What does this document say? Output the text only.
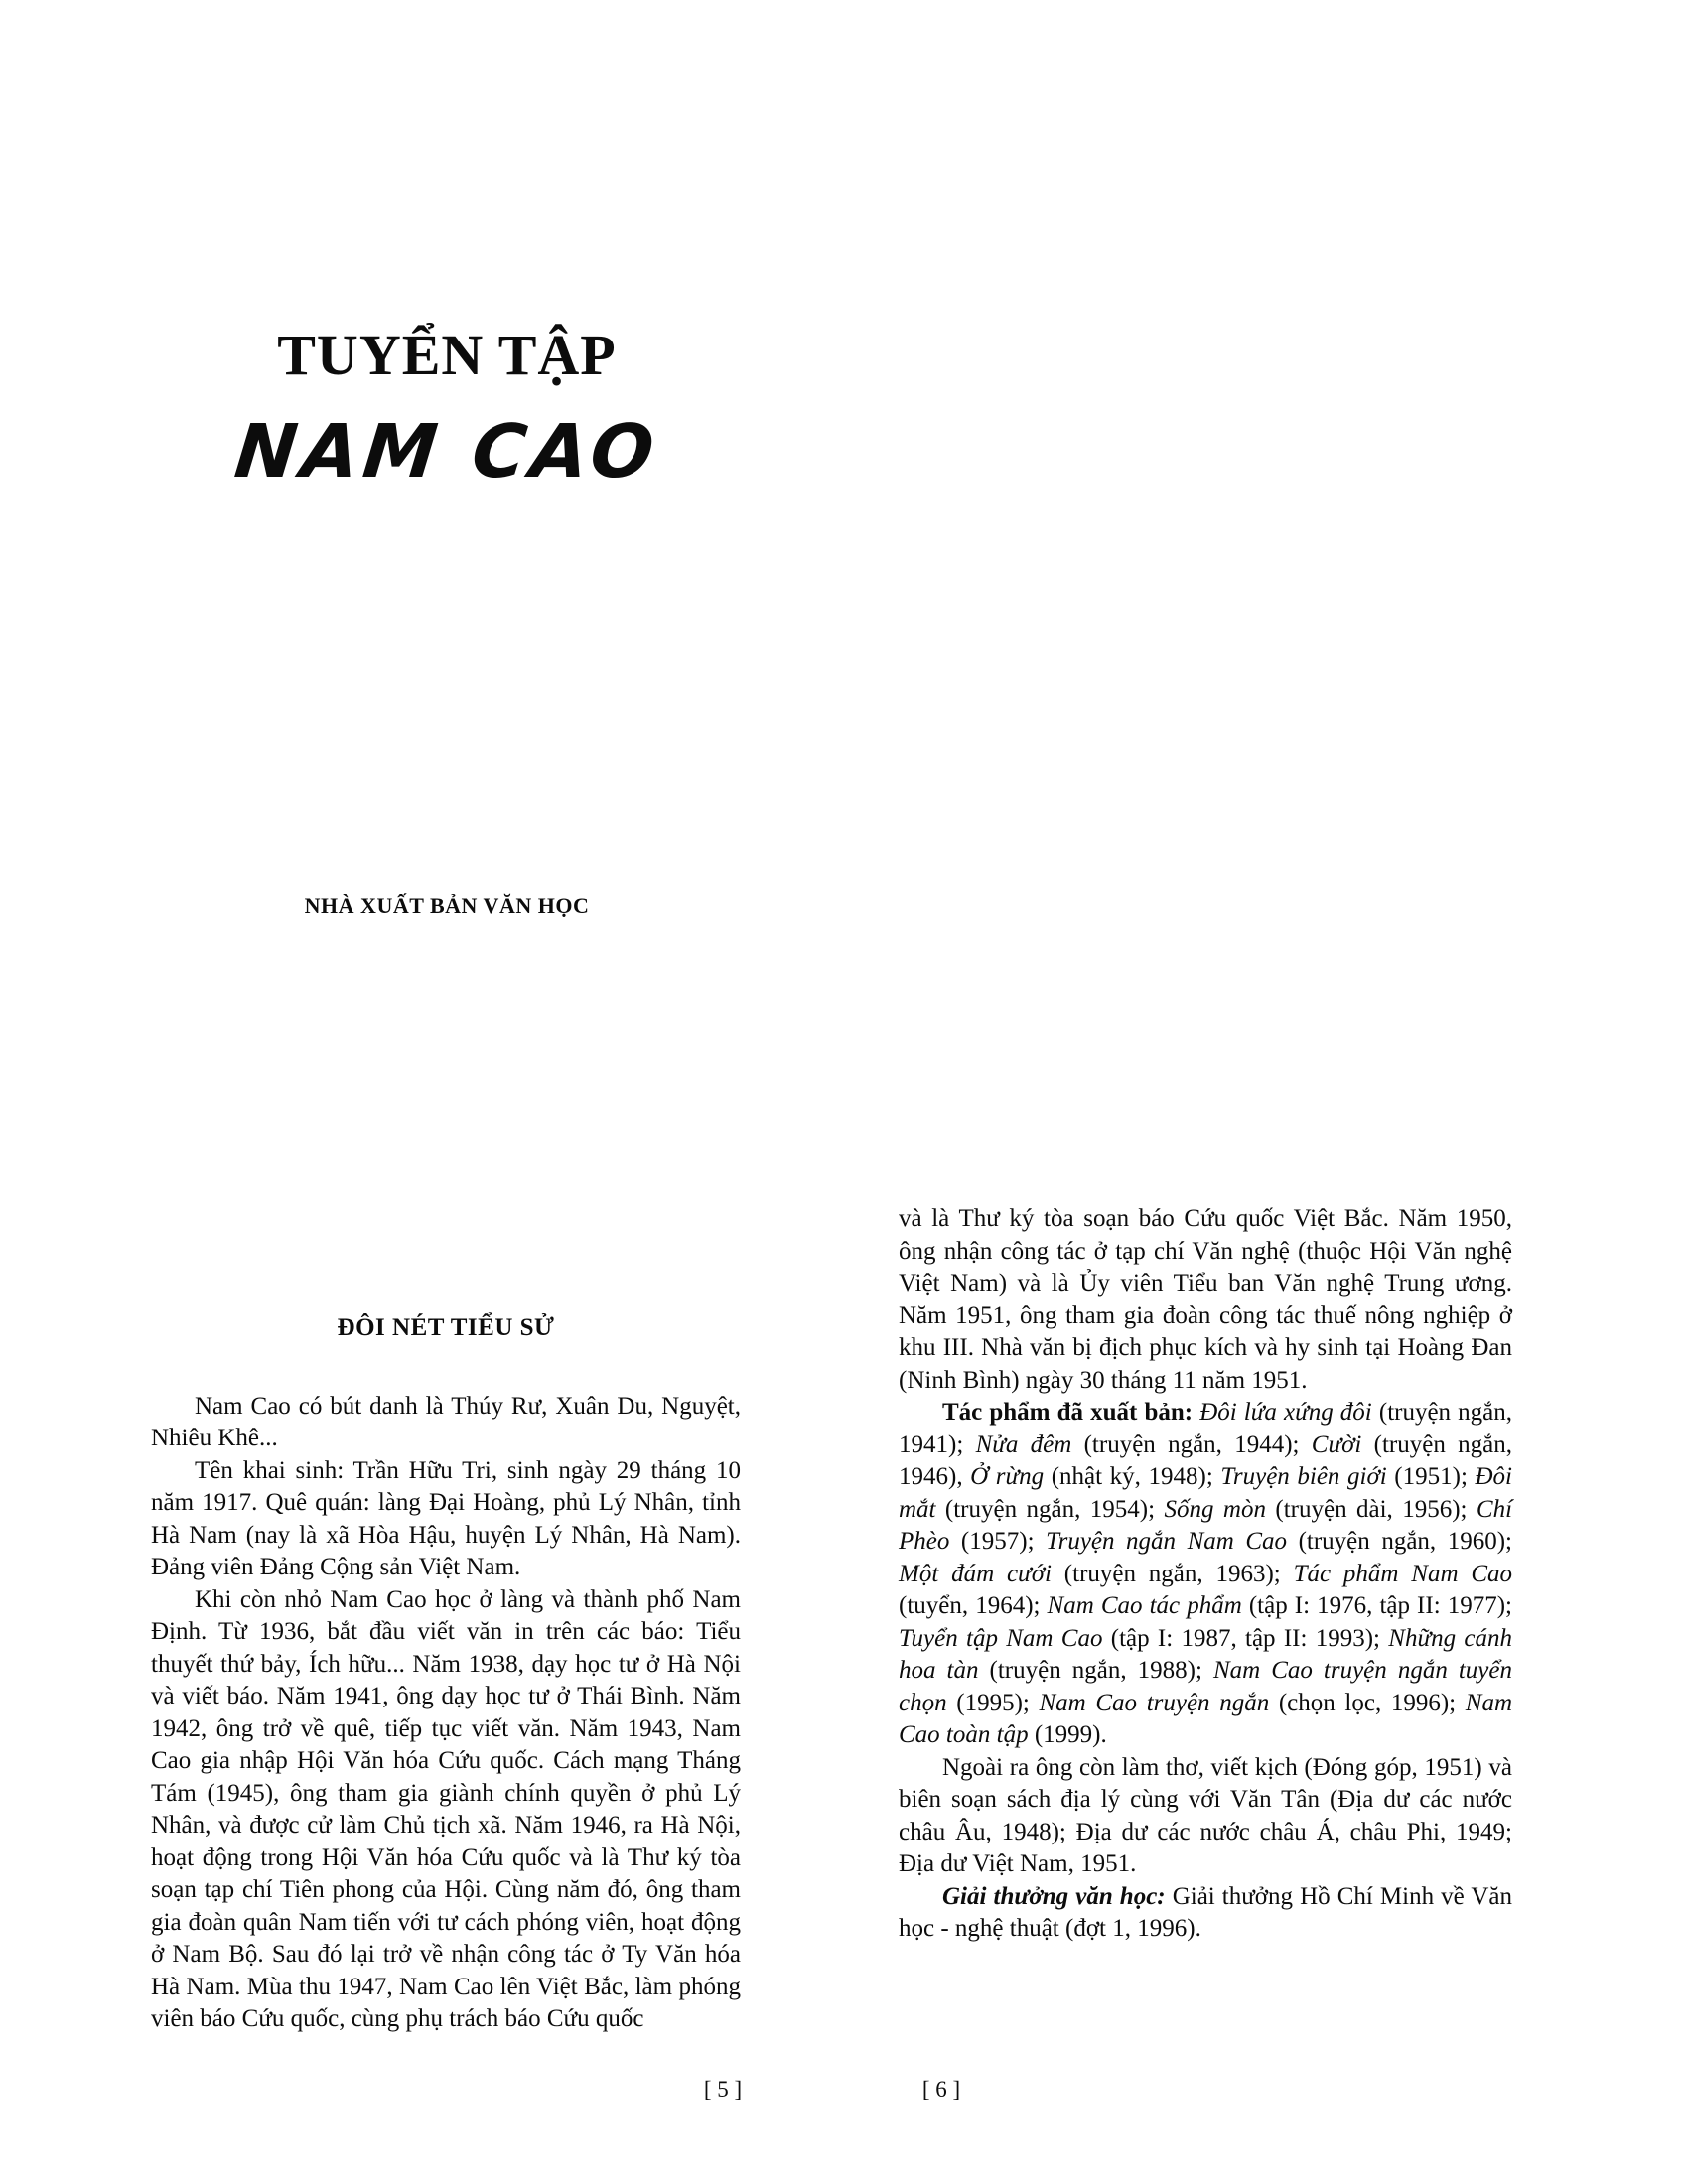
TUYỂN TẬP
NAM CAO
NHÀ XUẤT BẢN VĂN HỌC
ĐÔI NÉT TIỂU SỬ

Nam Cao có bút danh là Thúy Rư, Xuân Du, Nguyệt, Nhiêu Khê...

Tên khai sinh: Trần Hữu Tri, sinh ngày 29 tháng 10 năm 1917. Quê quán: làng Đại Hoàng, phủ Lý Nhân, tỉnh Hà Nam (nay là xã Hòa Hậu, huyện Lý Nhân, Hà Nam). Đảng viên Đảng Cộng sản Việt Nam.

Khi còn nhỏ Nam Cao học ở làng và thành phố Nam Định. Từ 1936, bắt đầu viết văn in trên các báo: Tiểu thuyết thứ bảy, Ích hữu... Năm 1938, dạy học tư ở Hà Nội và viết báo. Năm 1941, ông dạy học tư ở Thái Bình. Năm 1942, ông trở về quê, tiếp tục viết văn. Năm 1943, Nam Cao gia nhập Hội Văn hóa Cứu quốc. Cách mạng Tháng Tám (1945), ông tham gia giành chính quyền ở phủ Lý Nhân, và được cử làm Chủ tịch xã. Năm 1946, ra Hà Nội, hoạt động trong Hội Văn hóa Cứu quốc và là Thư ký tòa soạn tạp chí Tiên phong của Hội. Cùng năm đó, ông tham gia đoàn quân Nam tiến với tư cách phóng viên, hoạt động ở Nam Bộ. Sau đó lại trở về nhận công tác ở Ty Văn hóa Hà Nam. Mùa thu 1947, Nam Cao lên Việt Bắc, làm phóng viên báo Cứu quốc, cùng phụ trách báo Cứu quốc

và là Thư ký tòa soạn báo Cứu quốc Việt Bắc. Năm 1950, ông nhận công tác ở tạp chí Văn nghệ (thuộc Hội Văn nghệ Việt Nam) và là Ủy viên Tiểu ban Văn nghệ Trung ương. Năm 1951, ông tham gia đoàn công tác thuế nông nghiệp ở khu III. Nhà văn bị địch phục kích và hy sinh tại Hoàng Đan (Ninh Bình) ngày 30 tháng 11 năm 1951.

Tác phẩm đã xuất bản: Đôi lứa xứng đôi (truyện ngắn, 1941); Nửa đêm (truyện ngắn, 1944); Cười (truyện ngắn, 1946), Ở rừng (nhật ký, 1948); Truyện biên giới (1951); Đôi mắt (truyện ngắn, 1954); Sống mòn (truyện dài, 1956); Chí Phèo (1957); Truyện ngắn Nam Cao (truyện ngắn, 1960); Một đám cưới (truyện ngắn, 1963); Tác phẩm Nam Cao (tuyển, 1964); Nam Cao tác phẩm (tập I: 1976, tập II: 1977); Tuyển tập Nam Cao (tập I: 1987, tập II: 1993); Những cánh hoa tàn (truyện ngắn, 1988); Nam Cao truyện ngắn tuyển chọn (1995); Nam Cao truyện ngắn (chọn lọc, 1996); Nam Cao toàn tập (1999).

Ngoài ra ông còn làm thơ, viết kịch (Đóng góp, 1951) và biên soạn sách địa lý cùng với Văn Tân (Địa dư các nước châu Âu, 1948); Địa dư các nước châu Á, châu Phi, 1949; Địa dư Việt Nam, 1951.

Giải thưởng văn học: Giải thưởng Hồ Chí Minh về Văn học - nghệ thuật (đợt 1, 1996).

[ 5 ]	[ 6 ]
